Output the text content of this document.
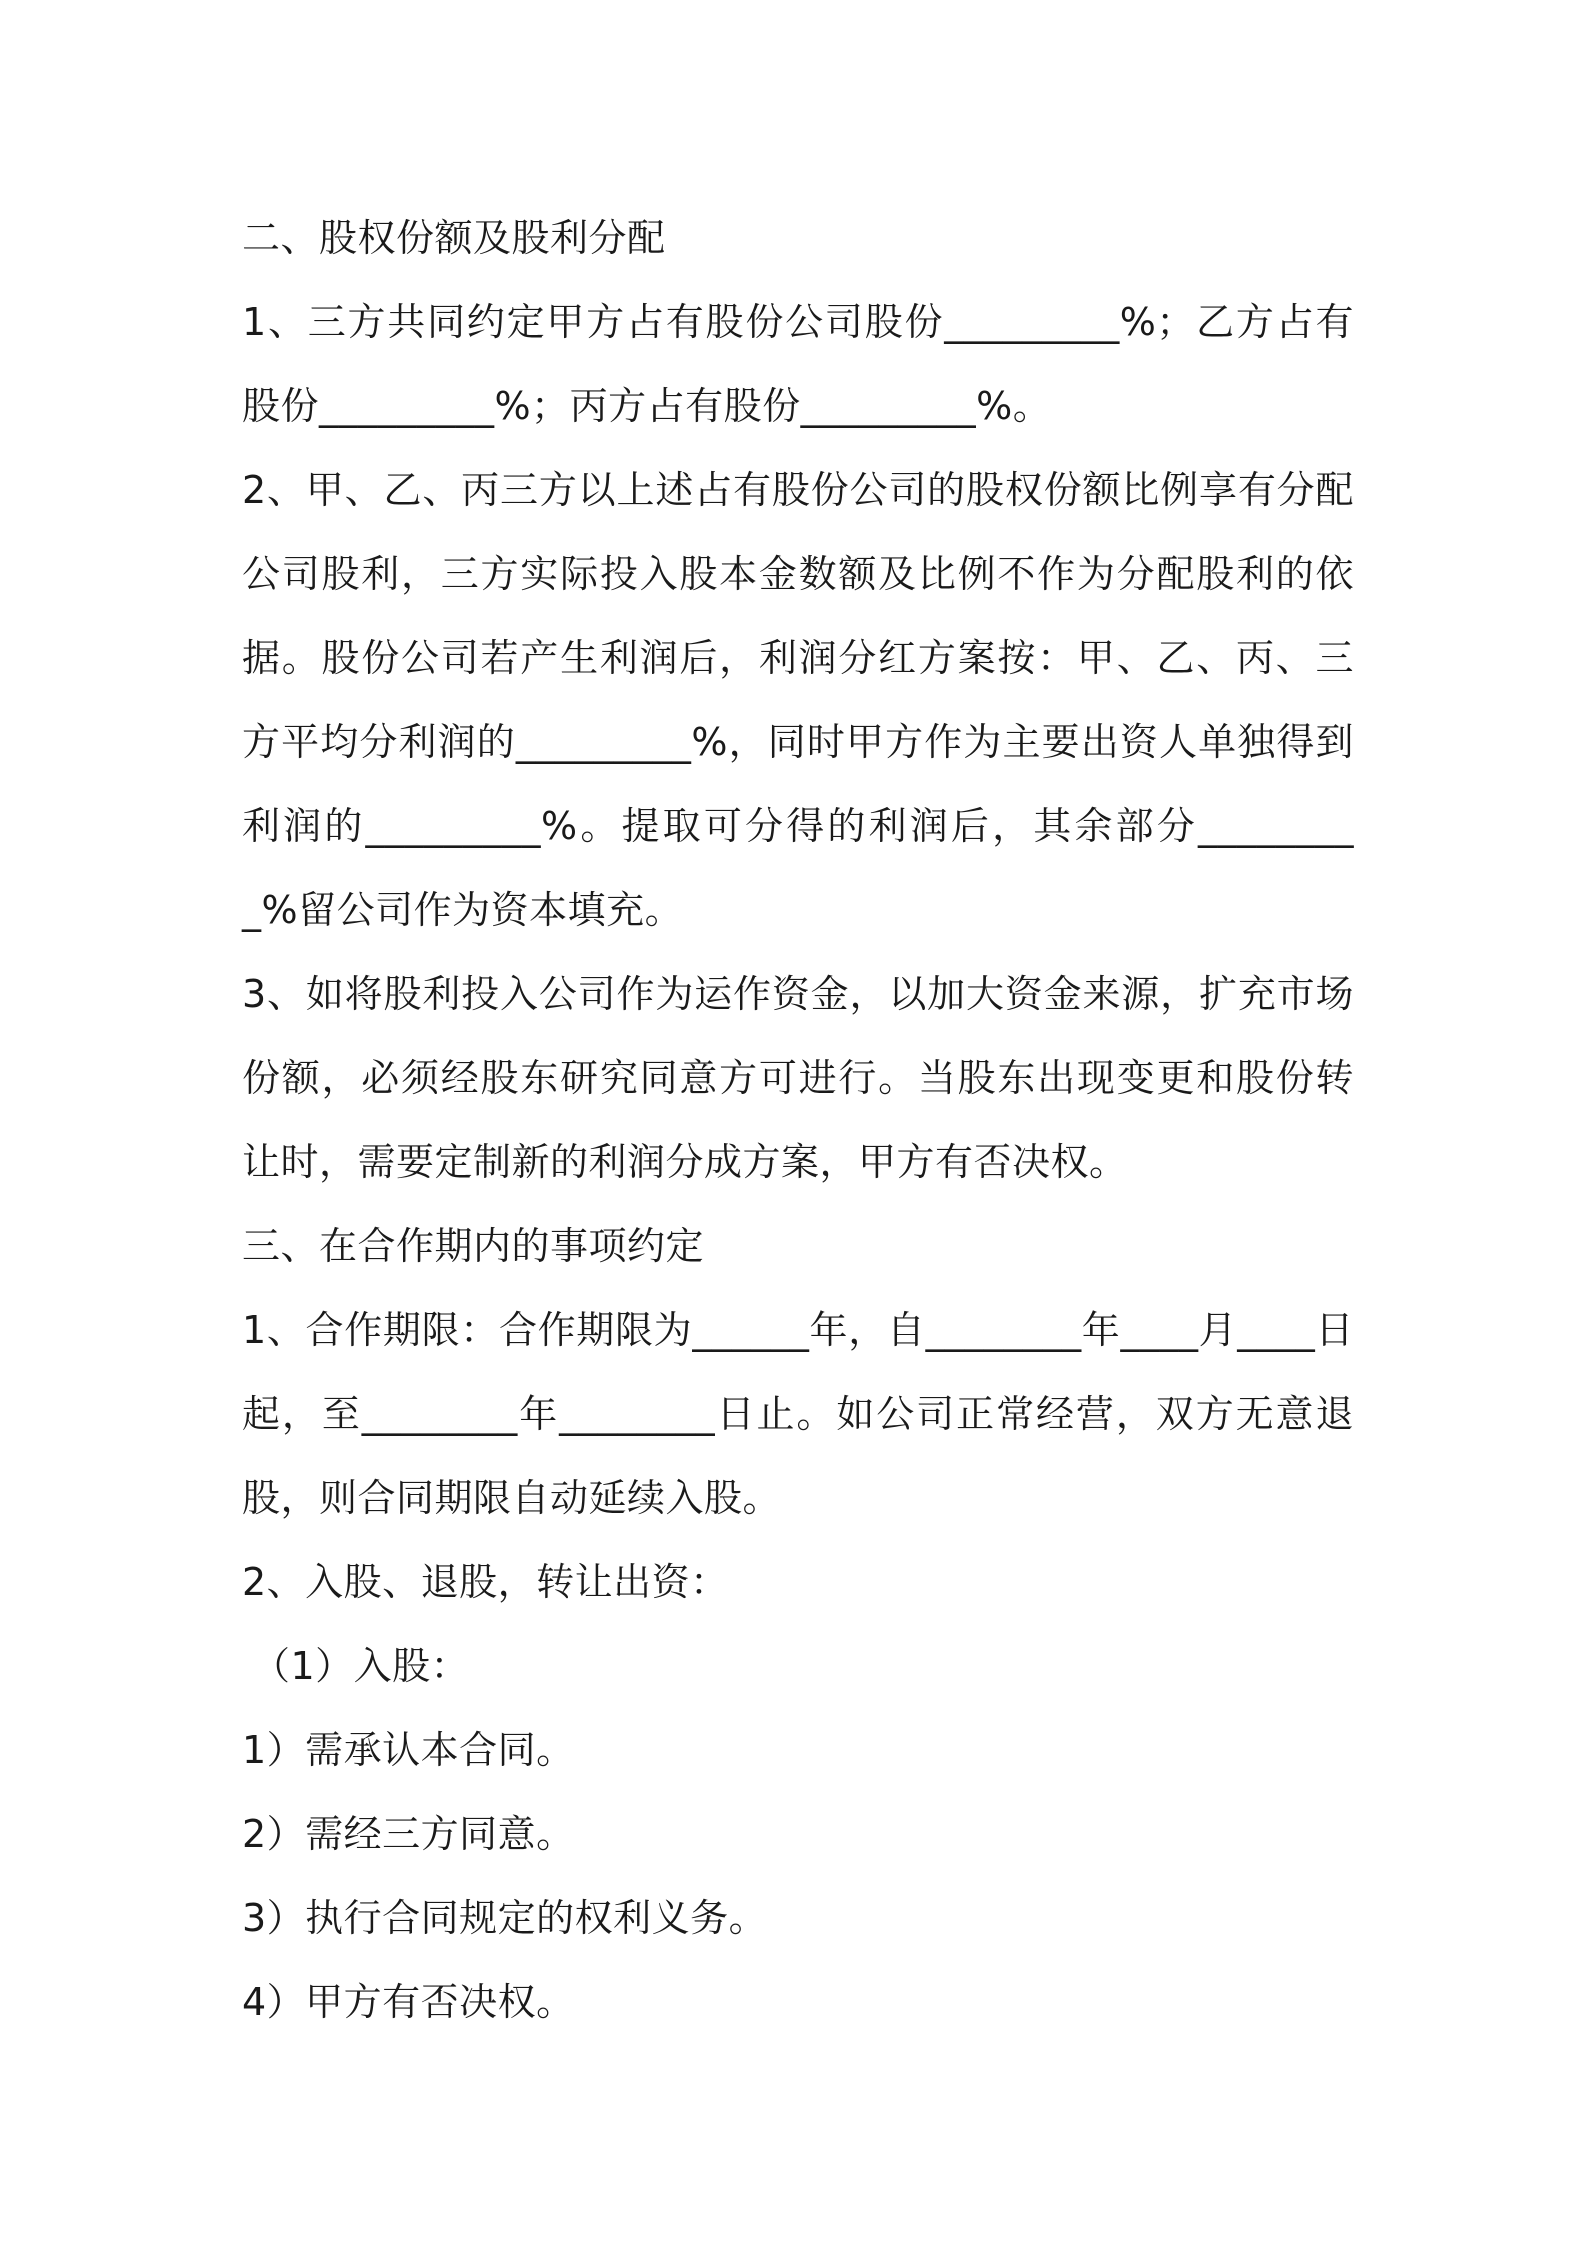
二、股权份额及股利分配

1、三方共同约定甲方占有股份公司股份_________%；乙方占有股份_________%；丙方占有股份_________%。

2、甲、乙、丙三方以上述占有股份公司的股权份额比例享有分配公司股利，三方实际投入股本金数额及比例不作为分配股利的依据。股份公司若产生利润后，利润分红方案按：甲、乙、丙、三方平均分利润的_________%，同时甲方作为主要出资人单独得到利润的_________%。提取可分得的利润后，其余部分_________%留公司作为资本填充。

3、如将股利投入公司作为运作资金，以加大资金来源，扩充市场份额，必须经股东研究同意方可进行。当股东出现变更和股份转让时，需要定制新的利润分成方案，甲方有否决权。

三、在合作期内的事项约定

1、合作期限：合作期限为______年，自________年____月____日起，至________年________日止。如公司正常经营，双方无意退股，则合同期限自动延续入股。

2、入股、退股，转让出资：

（1）入股：

1）需承认本合同。

2）需经三方同意。

3）执行合同规定的权利义务。

4）甲方有否决权。
